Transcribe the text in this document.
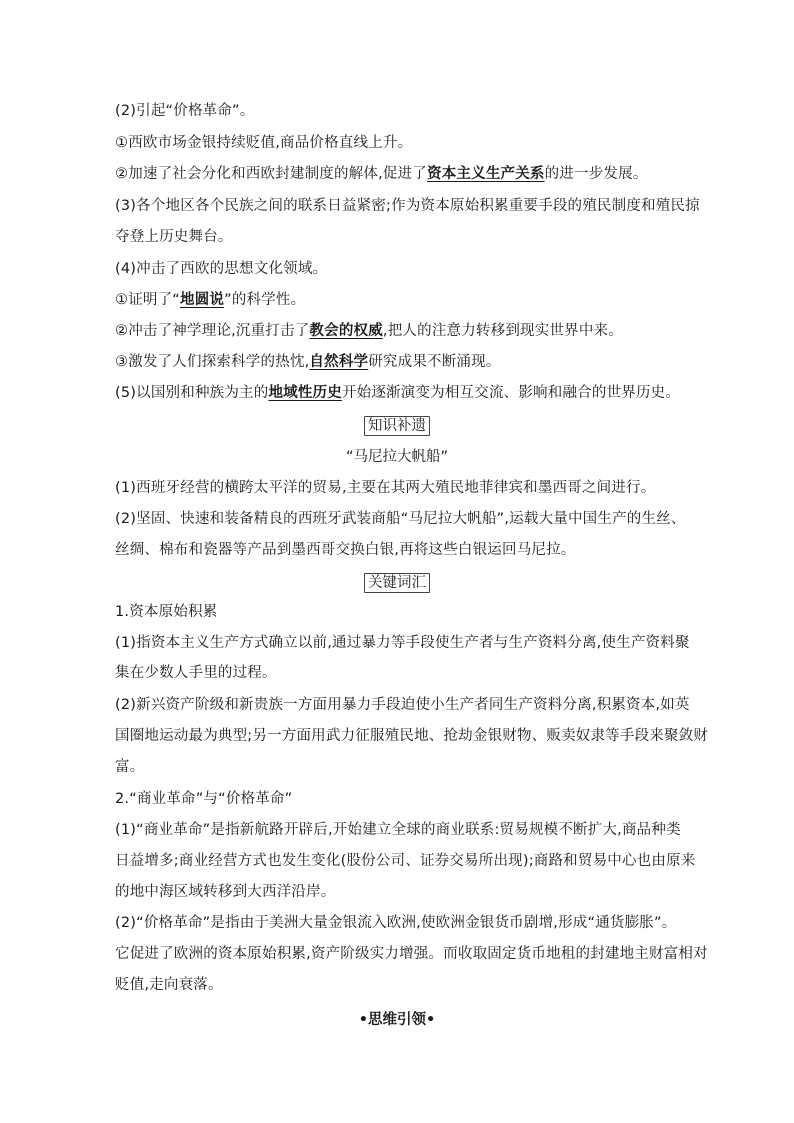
(2)引起“价格革命”。
①西欧市场金银持续贬值,商品价格直线上升。
②加速了社会分化和西欧封建制度的解体,促进了资本主义生产关系的进一步发展。
(3)各个地区各个民族之间的联系日益紧密;作为资本原始积累重要手段的殖民制度和殖民掠
夺登上历史舞台。
(4)冲击了西欧的思想文化领域。
①证明了“地圆说”的科学性。
②冲击了神学理论,沉重打击了教会的权威,把人的注意力转移到现实世界中来。
③激发了人们探索科学的热忱,自然科学研究成果不断涌现。
(5)以国别和种族为主的地域性历史开始逐渐演变为相互交流、影响和融合的世界历史。
知识补遗
“马尼拉大帆船”
(1)西班牙经营的横跨太平洋的贸易,主要在其两大殖民地菲律宾和墨西哥之间进行。
(2)坚固、快速和装备精良的西班牙武装商船“马尼拉大帆船”,运载大量中国生产的生丝、
丝绸、棉布和瓷器等产品到墨西哥交换白银,再将这些白银运回马尼拉。
关键词汇
1.资本原始积累
(1)指资本主义生产方式确立以前,通过暴力等手段使生产者与生产资料分离,使生产资料聚
集在少数人手里的过程。
(2)新兴资产阶级和新贵族一方面用暴力手段迫使小生产者同生产资料分离,积累资本,如英
国圈地运动最为典型;另一方面用武力征服殖民地、抢劫金银财物、贩卖奴隶等手段来聚敛财
富。
2.“商业革命”与“价格革命”
(1)“商业革命”是指新航路开辟后,开始建立全球的商业联系:贸易规模不断扩大,商品种类
日益增多;商业经营方式也发生变化(股份公司、证券交易所出现);商路和贸易中心也由原来
的地中海区域转移到大西洋沿岸。
(2)“价格革命”是指由于美洲大量金银流入欧洲,使欧洲金银货币剧增,形成“通货膨胀”。
它促进了欧洲的资本原始积累,资产阶级实力增强。而收取固定货币地租的封建地主财富相对
贬值,走向衰落。
•思维引领•
